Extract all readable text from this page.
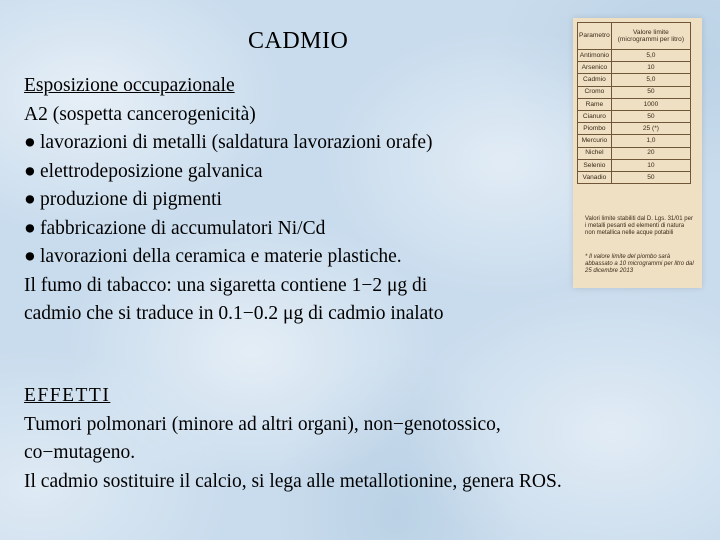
CADMIO
Esposizione occupazionale
A2 (sospetta cancerogenicità)
● lavorazioni di metalli (saldatura lavorazioni orafe)
● elettrodeposizione galvanica
● produzione di pigmenti
● fabbricazione di accumulatori Ni/Cd
● lavorazioni della ceramica e materie plastiche.
Il fumo di tabacco: una sigaretta contiene 1−2 μg di
cadmio che si traduce in 0.1−0.2 μg di cadmio inalato
EFFETTI
Tumori polmonari (minore ad altri organi), non−genotossico,
co−mutageno.
Il cadmio sostituire il calcio, si lega alle metallotionine, genera ROS.
Parametro	Valore limite (microgrammi per litro)
Antimonio	5,0
Arsenico	10
Cadmio	5,0
Cromo	50
Rame	1000
Cianuro	50
Piombo	25 (*)
Mercurio	1,0
Nichel	20
Selenio	10
Vanadio	50
Valori limite stabiliti dal D. Lgs. 31/01 per i metalli pesanti ed elementi di natura non metallica nelle acque potabili
* Il valore limite del piombo sarà abbassato a 10 microgrammi per litro dal 25 dicembre 2013
